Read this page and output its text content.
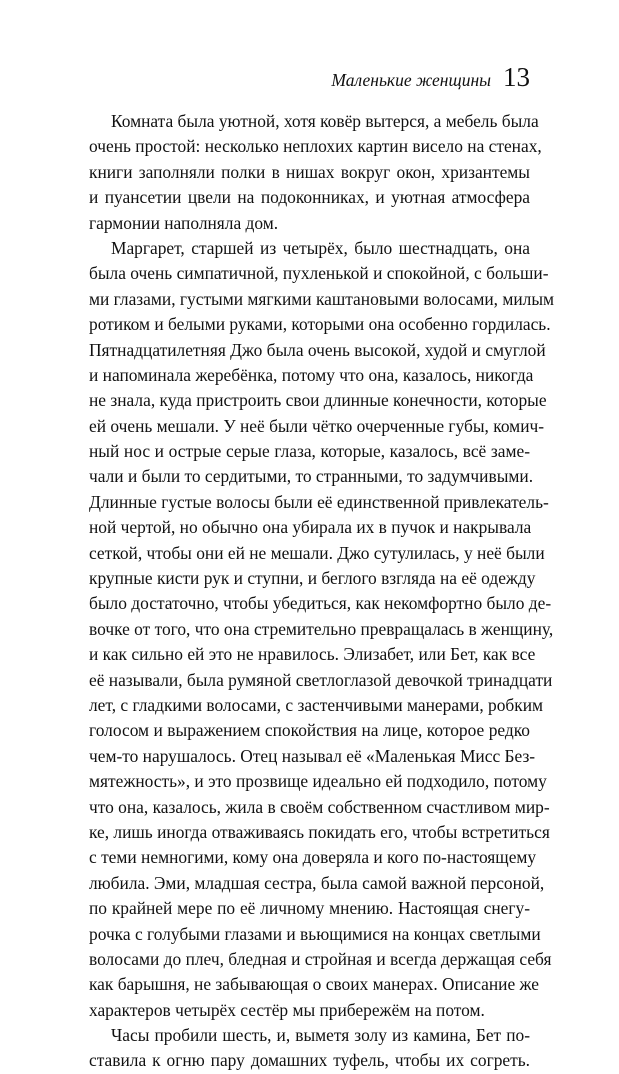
Маленькие женщины 13
Комната была уютной, хотя ковёр вытерся, а мебель была
очень простой: несколько неплохих картин висело на стенах,
книги заполняли полки в нишах вокруг окон, хризантемы
и пуансетии цвели на подоконниках, и уютная атмосфера
гармонии наполняла дом.
Маргарет, старшей из четырёх, было шестнадцать, она
была очень симпатичной, пухленькой и спокойной, с больши-
ми глазами, густыми мягкими каштановыми волосами, милым
ротиком и белыми руками, которыми она особенно гордилась.
Пятнадцатилетняя Джо была очень высокой, худой и смуглой
и напоминала жеребёнка, потому что она, казалось, никогда
не знала, куда пристроить свои длинные конечности, которые
ей очень мешали. У неё были чётко очерченные губы, комич-
ный нос и острые серые глаза, которые, казалось, всё заме-
чали и были то сердитыми, то странными, то задумчивыми.
Длинные густые волосы были её единственной привлекатель-
ной чертой, но обычно она убирала их в пучок и накрывала
сеткой, чтобы они ей не мешали. Джо сутулилась, у неё были
крупные кисти рук и ступни, и беглого взгляда на её одежду
было достаточно, чтобы убедиться, как некомфортно было де-
вочке от того, что она стремительно превращалась в женщину,
и как сильно ей это не нравилось. Элизабет, или Бет, как все
её называли, была румяной светлоглазой девочкой тринадцати
лет, с гладкими волосами, с застенчивыми манерами, робким
голосом и выражением спокойствия на лице, которое редко
чем-то нарушалось. Отец называл её «Маленькая Мисс Без-
мятежность», и это прозвище идеально ей подходило, потому
что она, казалось, жила в своём собственном счастливом мир-
ке, лишь иногда отваживаясь покидать его, чтобы встретиться
с теми немногими, кому она доверяла и кого по-настоящему
любила. Эми, младшая сестра, была самой важной персоной,
по крайней мере по её личному мнению. Настоящая снегу-
рочка с голубыми глазами и вьющимися на концах светлыми
волосами до плеч, бледная и стройная и всегда держащая себя
как барышня, не забывающая о своих манерах. Описание же
характеров четырёх сестёр мы прибережём на потом.
Часы пробили шесть, и, выметя золу из камина, Бет по-
ставила к огню пару домашних туфель, чтобы их согреть.
